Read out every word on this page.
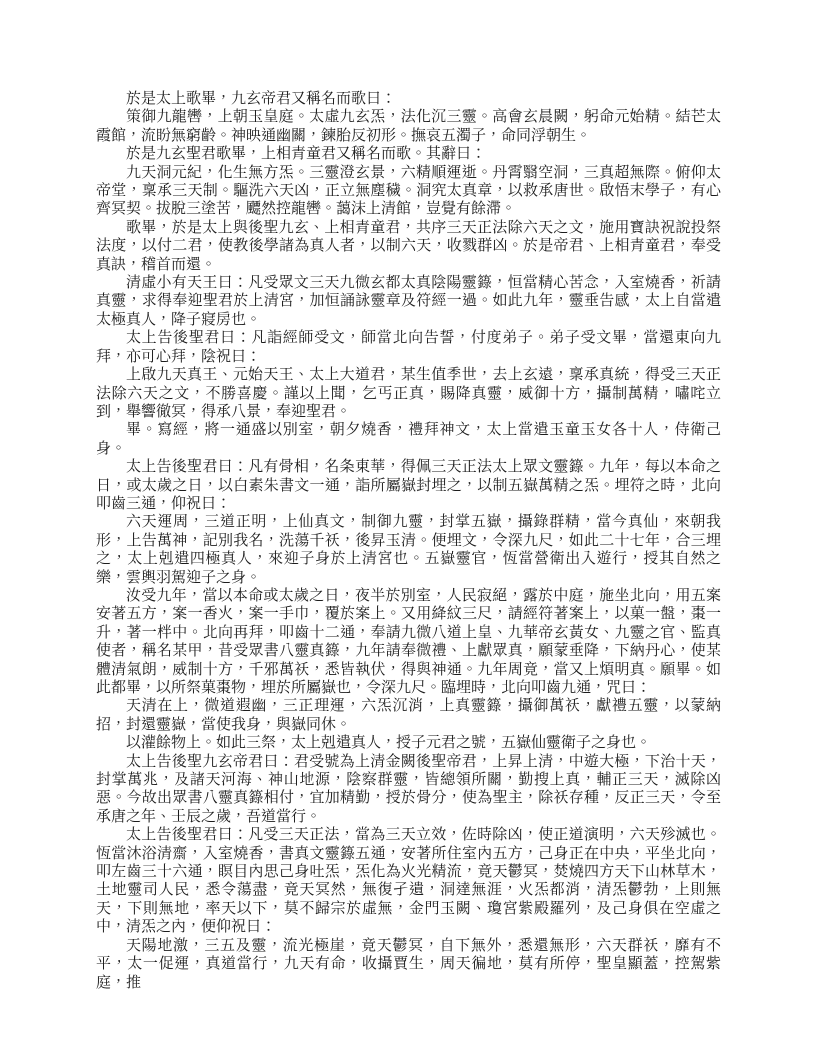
於是太上歌畢，九玄帝君又稱名而歌曰：

策御九龍轡，上朝玉皇庭。太虛九玄炁，法化沉三靈。高會玄晨闕，躬命元始精。結芒太霞館，流盼無窮齡。神映通幽關，鍊胎反初形。撫哀五濁子，命同浮朝生。

於是九玄聖君歌畢，上相青童君又稱名而歌。其辭曰：

九天洞元紀，化生無方炁。三靈澄玄景，六精順運逝。丹霄翳空洞，三真超無際。俯仰太帝堂，稟承三天制。驅洗六天凶，正立無塵穢。洞究太真章，以救承唐世。啟悟末學子，有心齊冥契。拔脫三塗苦，飃然控龍轡。藹沫上清館，豈覺有餘滯。

歌畢，於是太上與後聖九玄、上相青童君，共序三天正法除六天之文，施用寶訣祝說投祭法度，以付二君，使教後學諸為真人者，以制六天，收戮群凶。於是帝君、上相青童君，奉受真訣，稽首而還。

清虛小有天王曰：凡受眾文三天九微玄都太真陰陽靈籙，恒當精心苦念，入室燒香，祈請真靈，求得奉迎聖君於上清宮，加恒誦詠靈章及符經一過。如此九年，靈垂告感，太上自當遣太極真人，降子寢房也。

太上告後聖君曰：凡詣經師受文，師當北向告誓，付度弟子。弟子受文畢，當還東向九拜，亦可心拜，陰祝曰：

上啟九天真王、元始天王、太上大道君，某生值季世，去上玄遠，稟承真統，得受三天正法除六天之文，不勝喜慶。謹以上聞，乞丐正真，賜降真靈，威御十方，攝制萬精，嘯咤立到，舉響徹冥，得承八景，奉迎聖君。

畢。寫經，將一通盛以別室，朝夕燒香，禮拜神文，太上當遣玉童玉女各十人，侍衛己身。

太上告後聖君曰：凡有骨相，名条東華，得佩三天正法太上眾文靈籙。九年，每以本命之日，或太歲之日，以白素朱書文一通，詣所屬嶽封埋之，以制五嶽萬精之炁。埋符之時，北向叩齒三通，仰祝曰：

六天運周，三道正明，上仙真文，制御九靈，封掌五嶽，攝錄群精，當今真仙，來朝我形，上告萬神，記別我名，洗蕩千祅，後昇玉清。便埋文，令深九尺，如此二十七年，合三埋之，太上剋遣四極真人，來迎子身於上清宮也。五嶽靈官，恆當營衛出入遊行，授其自然之樂，雲輿羽駕迎子之身。

汝受九年，當以本命或太歲之日，夜半於別室，人民寂絕，露於中庭，施坐北向，用五案安著五方，案一香火，案一手巾，覆於案上。又用絳紋三尺，請經符著案上，以菓一盤，棗一升，著一柈中。北向再拜，叩齒十二通，奉請九微八道上皇、九華帝玄黃女、九靈之官、監真使者，稱名某甲，昔受眾書八靈真籙，九年請奉微禮、上獻眾真，願蒙垂降，下納丹心，使某體清氣朗，威制十方，千邪萬祅，悉皆執伏，得與神通。九年周竟，當又上煩明真。願畢。如此都畢，以所祭菓棗物，埋於所屬嶽也，令深九尺。臨埋時，北向叩齒九通，咒曰：

天清在上，微道遐幽，三正理運，六炁沉消，上真靈籙，攝御萬祅，獻禮五靈，以蒙納招，封還靈嶽，當使我身，與嶽同休。

以灌餘物上。如此三祭，太上剋遣真人，授子元君之號，五嶽仙靈衛子之身也。

太上告後聖九玄帝君曰：君受號為上清金闕後聖帝君，上昇上清，中遊大極，下治十天，封掌萬兆，及諸天河海、神山地源，陰察群靈，皆總領所關，勤搜上真，輔正三天，滅除凶惡。今故出眾書八靈真籙相付，宜加精勤，授於骨分，使為聖主，除祅存種，反正三天，令至承唐之年、壬辰之歲，吾道當行。

太上告後聖君曰：凡受三天正法，當為三天立效，佐時除凶，使正道演明，六天殄滅也。恆當沐浴清齋，入室燒香，書真文靈籙五通，安著所住室內五方，己身正在中央，平坐北向，叩左齒三十六通，瞑目內思己身吐炁，炁化為火光精流，竟天鬱冥，焚燒四方天下山林草木，土地靈司人民，悉令蕩盡，竟天冥然，無復孑遺，洞達無涯，火炁都消，清炁鬱勃，上則無天，下則無地，率天以下，莫不歸宗於虛無，金門玉闕、瓊宮紫殿羅列，及己身俱在空虛之中，清炁之內，便仰祝曰：

天陽地激，三五及靈，流光極崖，竟天鬱冥，自下無外，悉還無形，六天群祅，靡有不平，太一促運，真道當行，九天有命，收攝賈生，周天徧地，莫有所停，聖皇顯蓋，控駕紫庭，推
